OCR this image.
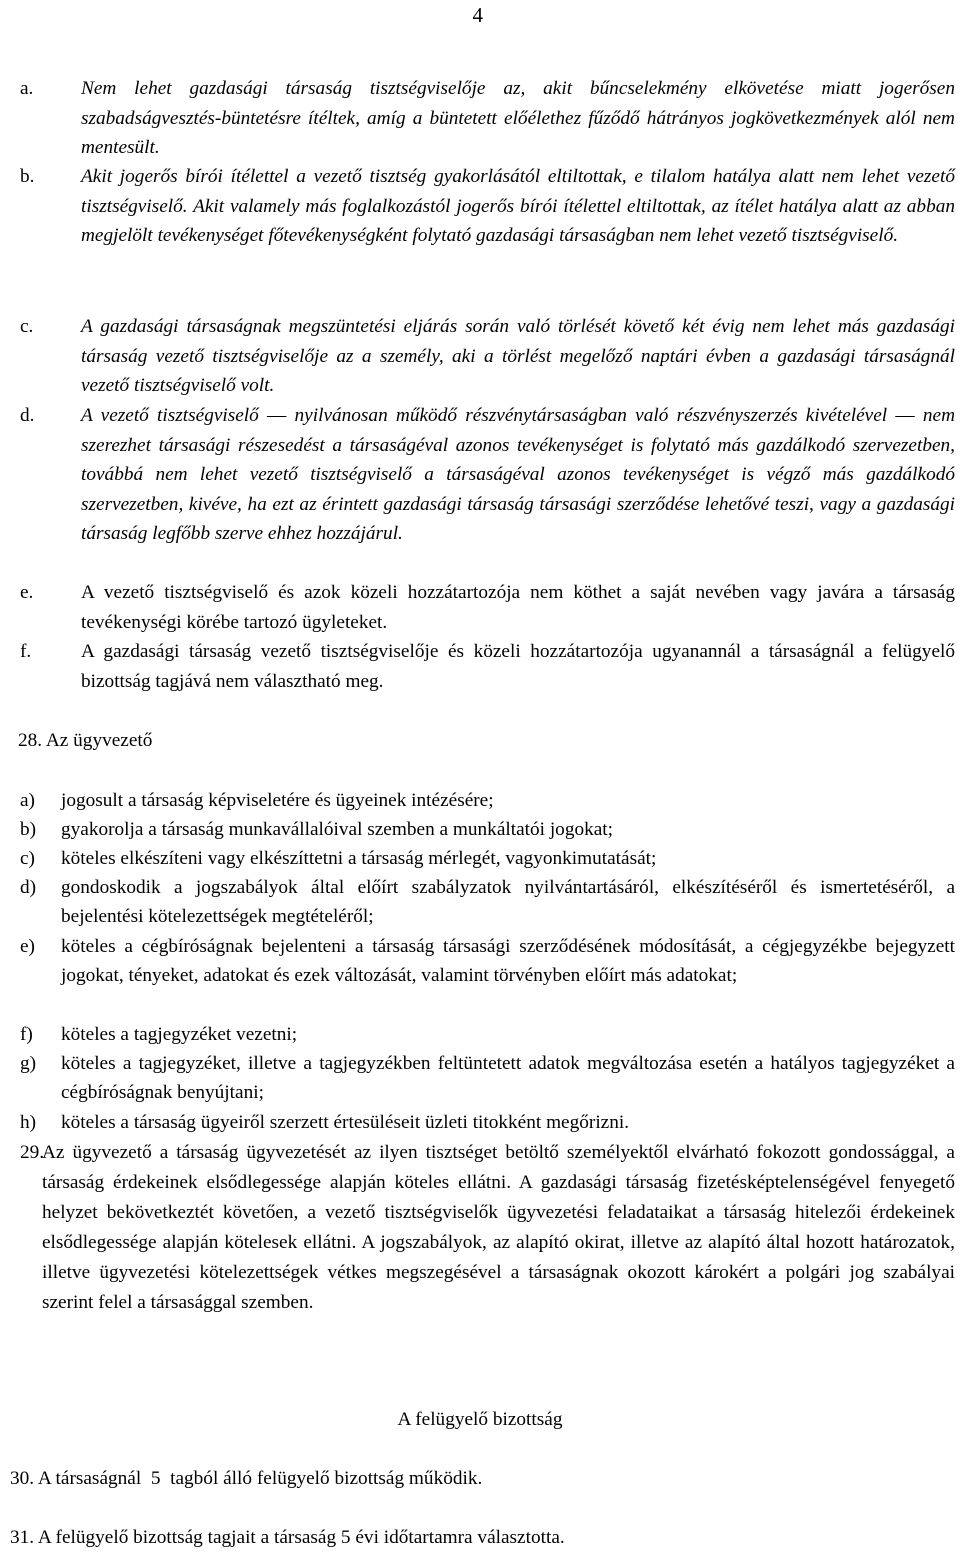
4
a. Nem lehet gazdasági társaság tisztségviselője az, akit bűncselekmény elkövetése miatt jogerősen szabadságvesztés-büntetésre ítéltek, amíg a büntetett előélethez fűződő hátrányos jogkövetkezmények alól nem mentesült.
b. Akit jogerős bírói ítélettel a vezető tisztség gyakorlásától eltiltottak, e tilalom hatálya alatt nem lehet vezető tisztségviselő. Akit valamely más foglalkozástól jogerős bírói ítélettel eltiltottak, az ítélet hatálya alatt az abban megjelölt tevékenységet főtevékenységként folytató gazdasági társaságban nem lehet vezető tisztségviselő.
c. A gazdasági társaságnak megszüntetési eljárás során való törlését követő két évig nem lehet más gazdasági társaság vezető tisztségviselője az a személy, aki a törlést megelőző naptári évben a gazdasági társaságnál vezető tisztségviselő volt.
d. A vezető tisztségviselő ― nyilvánosan működő részvénytársaságban való részvényszerzés kivételével ― nem szerezhet társasági részesedést a társaságéval azonos tevékenységet is folytató más gazdálkodó szervezetben, továbbá nem lehet vezető tisztségviselő a társaságéval azonos tevékenységet is végző más gazdálkodó szervezetben, kivéve, ha ezt az érintett gazdasági társaság társasági szerződése lehetővé teszi, vagy a gazdasági társaság legfőbb szerve ehhez hozzájárul.
e. A vezető tisztségviselő és azok közeli hozzátartozója nem köthet a saját nevében vagy javára a társaság tevékenységi körébe tartozó ügyleteket.
f.	A gazdasági társaság vezető tisztségviselője és közeli hozzátartozója ugyanannál a társaságnál a felügyelő bizottság tagjává nem választható meg.
28. Az ügyvezető
a) jogosult a társaság képviseletére és ügyeinek intézésére;
b) gyakorolja a társaság munkavállalóival szemben a munkáltatói jogokat;
c) köteles elkészíteni vagy elkészíttetni a társaság mérlegét, vagyonkimutatását;
d) gondoskodik a jogszabályok által előírt szabályzatok nyilvántartásáról, elkészítéséről és ismertetéséről, a bejelentési kötelezettségek megtételéről;
e) köteles a cégbíróságnak bejelenteni a társaság társasági szerződésének módosítását, a cégjegyzékbe bejegyzett jogokat, tényeket, adatokat és ezek változását, valamint törvényben előírt más adatokat;
f) köteles a tagjegyzéket vezetni;
g) köteles a tagjegyzéket, illetve a tagjegyzékben feltüntetett adatok megváltozása esetén a hatályos tagjegyzéket a cégbíróságnak benyújtani;
h) köteles a társaság ügyeiről szerzett értesüléseit üzleti titokként megőrizni.
29.
Az ügyvezető a társaság ügyvezetését az ilyen tisztséget betöltő személyektől elvárható fokozott gondossággal, a társaság érdekeinek elsődlegessége alapján köteles ellátni. A gazdasági társaság fizetésképtelenségével fenyegető helyzet bekövetkeztét követően, a vezető tisztségviselők ügyvezetési feladataikat a társaság hitelezői érdekeinek elsődlegessége alapján kötelesek ellátni. A jogszabályok, az alapító okirat, illetve az alapító által hozott határozatok, illetve ügyvezetési kötelezettségek vétkes megszegésével a társaságnak okozott károkért a polgári jog szabályai szerint felel a társasággal szemben.
A felügyelő bizottság
30. A társaságnál  5  tagból álló felügyelő bizottság működik.
31. A felügyelő bizottság tagjait a társaság 5 évi időtartamra választotta.
